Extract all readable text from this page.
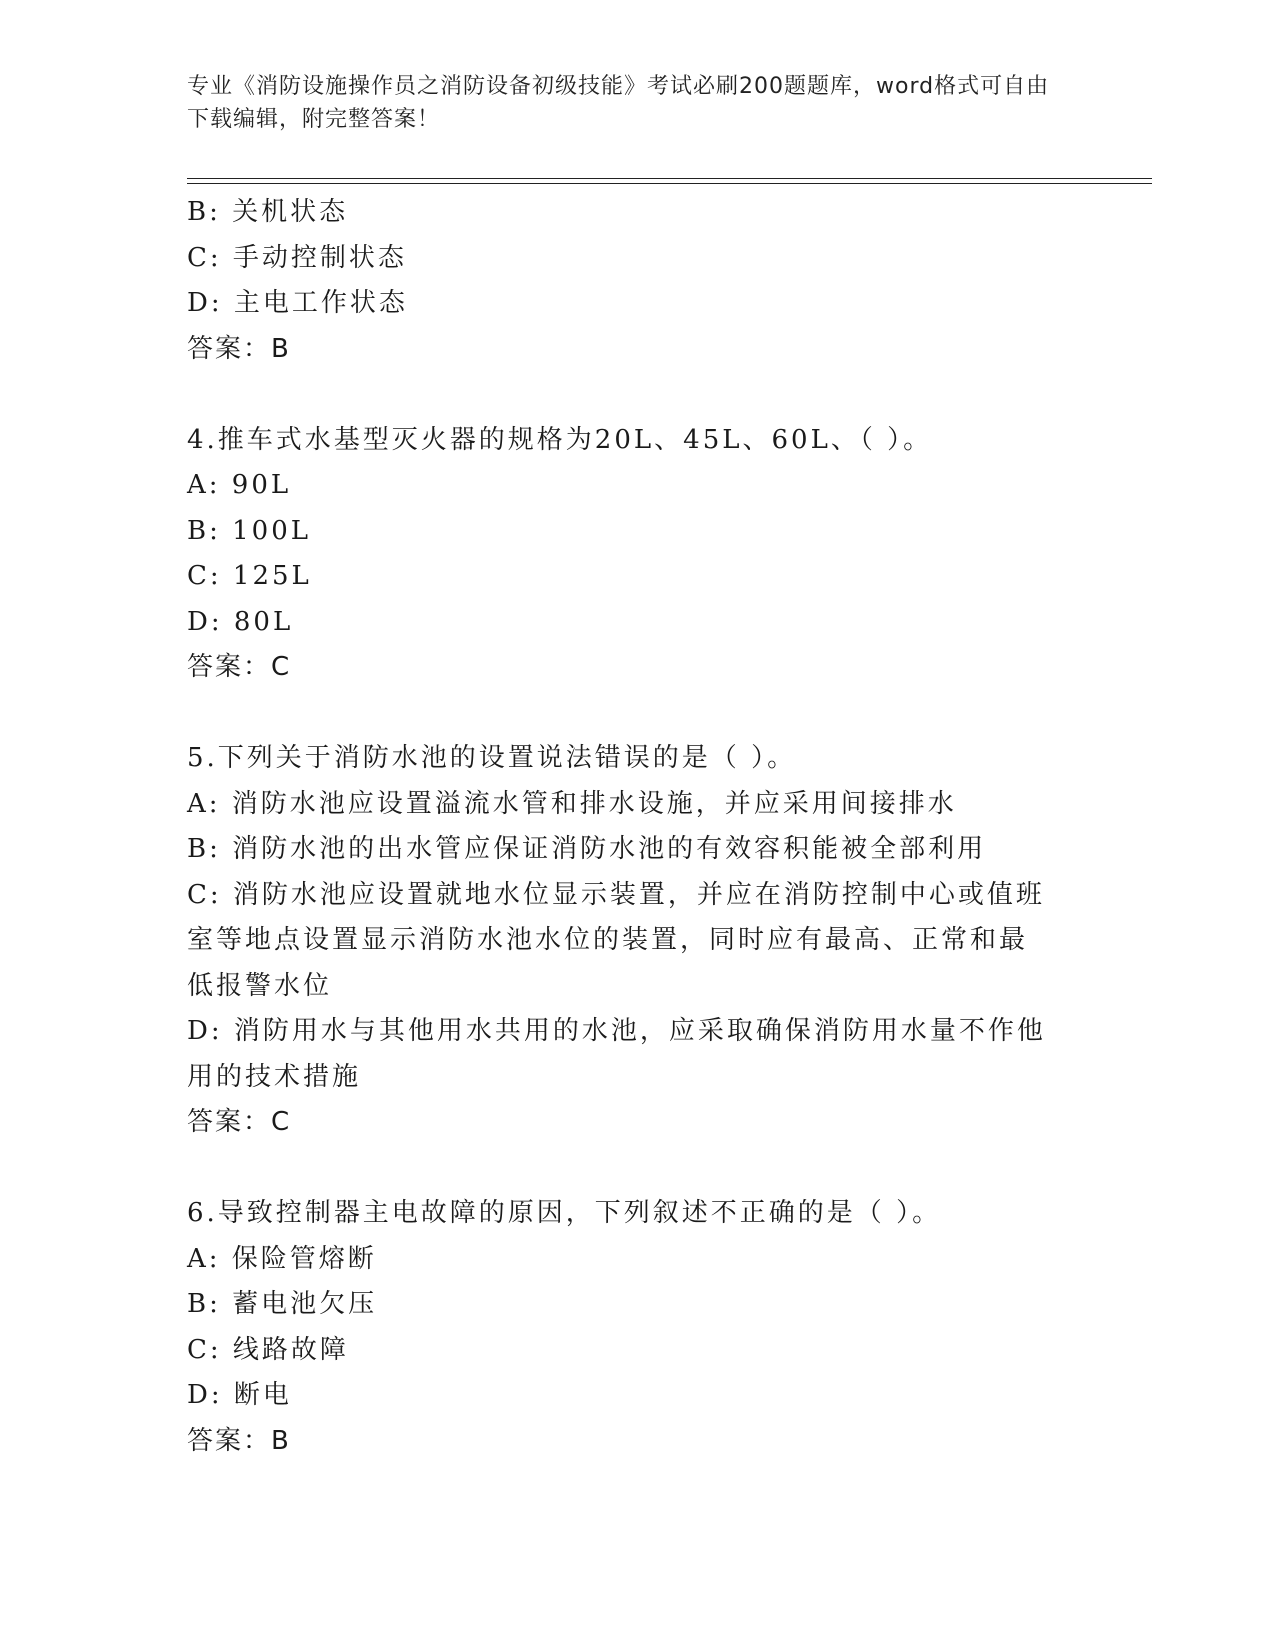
专业《消防设施操作员之消防设备初级技能》考试必刷200题题库，word格式可自由下载编辑，附完整答案！
B: 关机状态
C: 手动控制状态
D: 主电工作状态
答案：B
4.推车式水基型灭火器的规格为20L、45L、60L、（ ）。
A: 90L
B: 100L
C: 125L
D: 80L
答案：C
5.下列关于消防水池的设置说法错误的是（ ）。
A: 消防水池应设置溢流水管和排水设施，并应采用间接排水
B: 消防水池的出水管应保证消防水池的有效容积能被全部利用
C: 消防水池应设置就地水位显示装置，并应在消防控制中心或值班室等地点设置显示消防水池水位的装置，同时应有最高、正常和最低报警水位
D: 消防用水与其他用水共用的水池，应采取确保消防用水量不作他用的技术措施
答案：C
6.导致控制器主电故障的原因，下列叙述不正确的是（ ）。
A: 保险管熔断
B: 蓄电池欠压
C: 线路故障
D: 断电
答案：B
